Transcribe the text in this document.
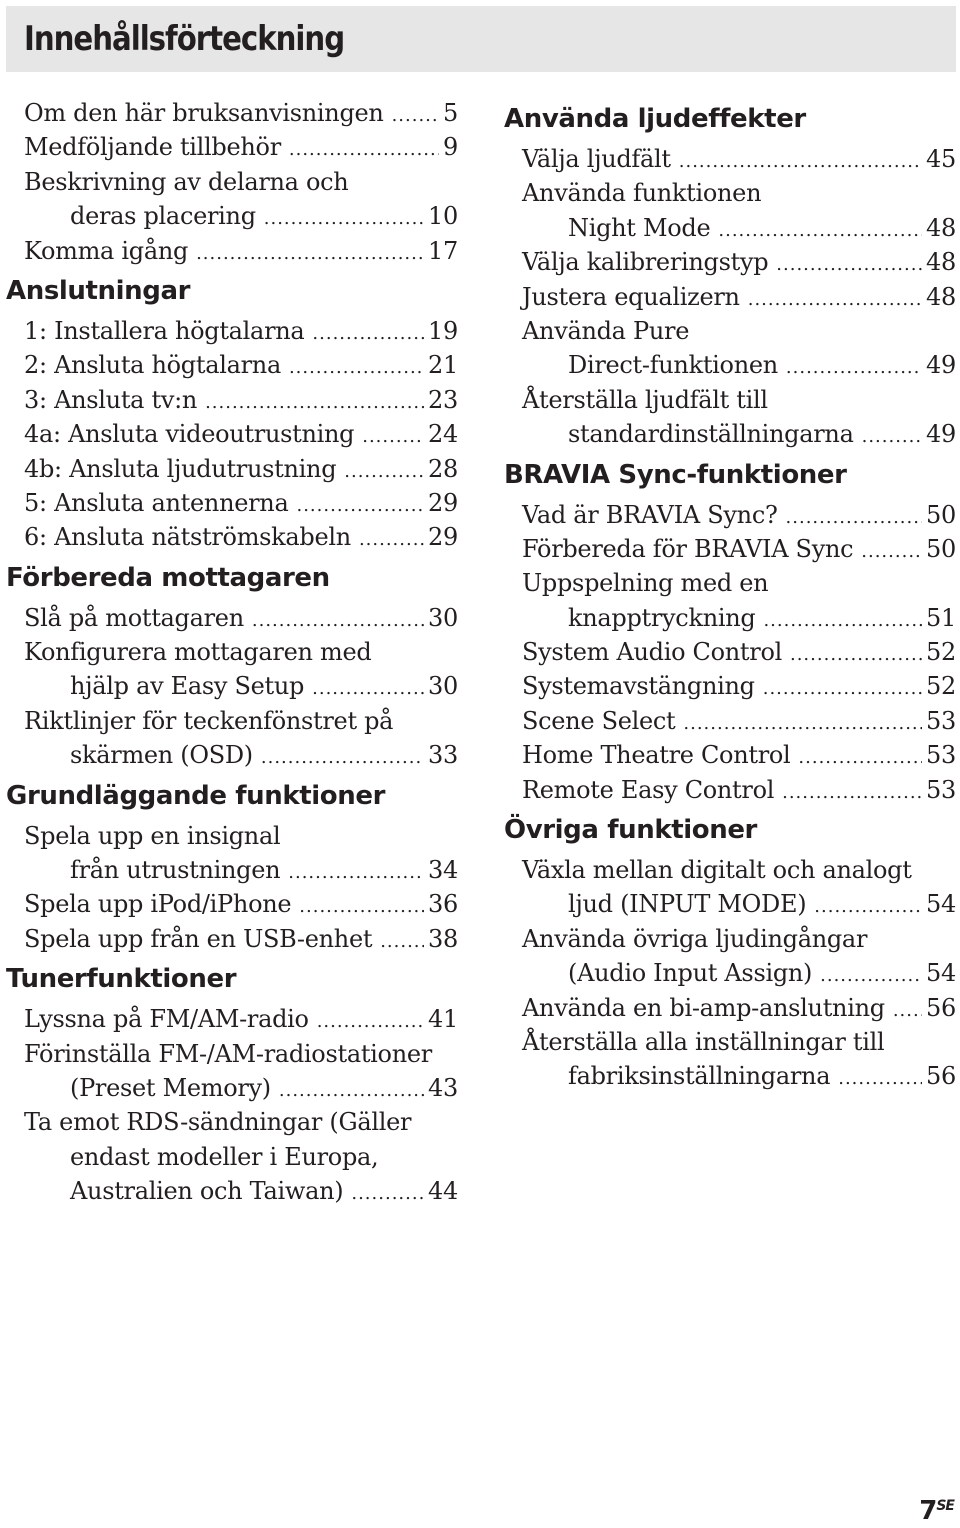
Innehållsförteckning
Om den här bruksanvisningen ..... 5
Medföljande tillbehör .....	9
Beskrivning av delarna och
deras placering .....	10
Komma igång .....	17
Anslutningar
1: Installera högtalarna .....	19
2: Ansluta högtalarna .....	21
3: Ansluta tv:n .....	23
4a: Ansluta videoutrustning .....	24
4b: Ansluta ljudutrustning .....	28
5: Ansluta antennerna .....	29
6: Ansluta nätströmskabeln .....	29
Förbereda mottagaren
Slå på mottagaren .....	30
Konfigurera mottagaren med
hjälp av Easy Setup .....	30
Riktlinjer för teckenfönstret på
skärmen (OSD) .....	33
Grundläggande funktioner
Spela upp en insignal
från utrustningen .....	34
Spela upp iPod/iPhone .....	36
Spela upp från en USB-enhet ..... 38
Tunerfunktioner
Lyssna på FM/AM-radio .....	41
Förinställa FM-/AM-radiostationer
(Preset Memory) .....	43
Ta emot RDS-sändningar (Gäller
endast modeller i Europa,
Australien och Taiwan) .....	44
Använda ljudeffekter
Välja ljudfält .....	45
Använda funktionen
Night Mode .....	48
Välja kalibreringstyp .....	48
Justera equalizern .....	48
Använda Pure
Direct-funktionen .....	49
Återställa ljudfält till
standardinställningarna .....	49
BRAVIA Sync-funktioner
Vad är BRAVIA Sync? .....	50
Förbereda för BRAVIA Sync .....	50
Uppspelning med en
knapptryckning .....	51
System Audio Control .....	52
Systemavstängning .....	52
Scene Select .....	53
Home Theatre Control .....	53
Remote Easy Control .....	53
Övriga funktioner
Växla mellan digitalt och analogt
ljud (INPUT MODE) .....	54
Använda övriga ljudingångar
(Audio Input Assign) .....	54
Använda en bi-amp-anslutning ..... 56
Återställa alla inställningar till
fabriksinställningarna .....	56
$7^{SE}$
